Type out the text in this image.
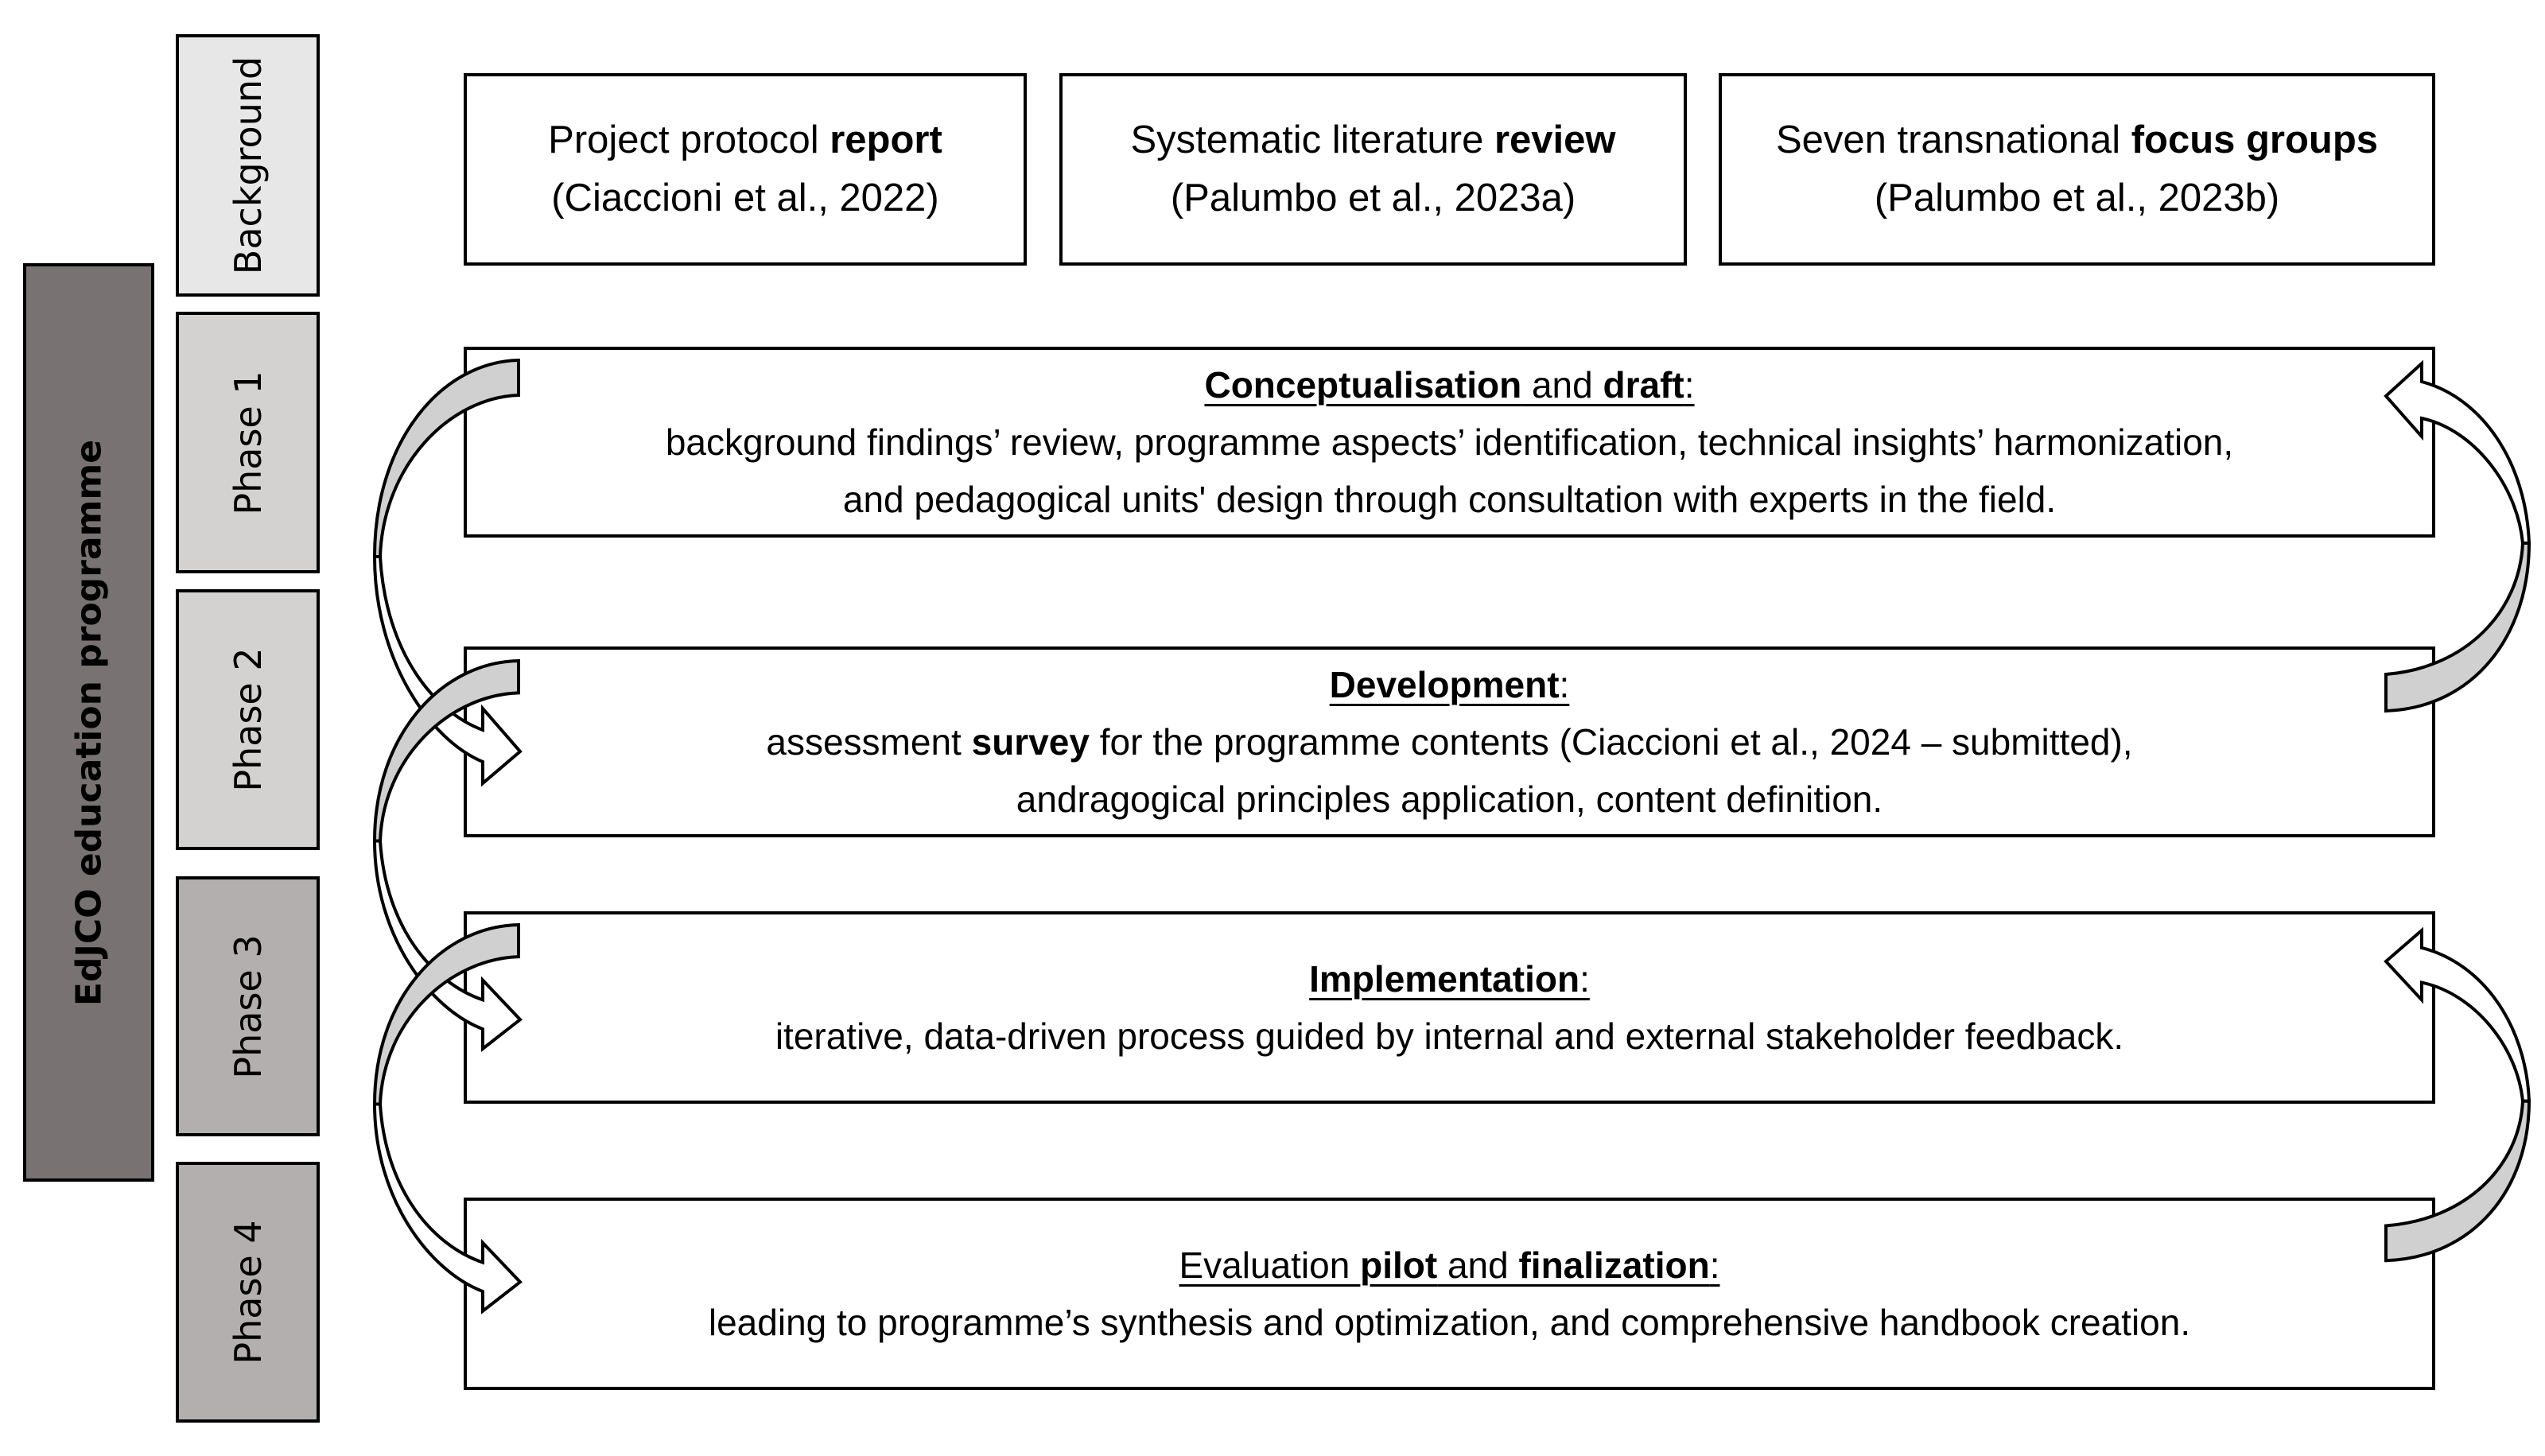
EdJCO education programme
Background
Phase 1
Phase 2
Phase 3
Phase 4
Project protocol report
(Ciaccioni et al., 2022)
Systematic literature review
(Palumbo et al., 2023a)
Seven transnational focus groups
(Palumbo et al., 2023b)
Conceptualisation and draft:
background findings’ review, programme aspects’ identification, technical insights’ harmonization,
and pedagogical units' design through consultation with experts in the field.
Development:
assessment survey for the programme contents (Ciaccioni et al., 2024 – submitted),
andragogical principles application, content definition.
Implementation:
iterative, data-driven process guided by internal and external stakeholder feedback.
Evaluation pilot and finalization:
leading to programme’s synthesis and optimization, and comprehensive handbook creation.
